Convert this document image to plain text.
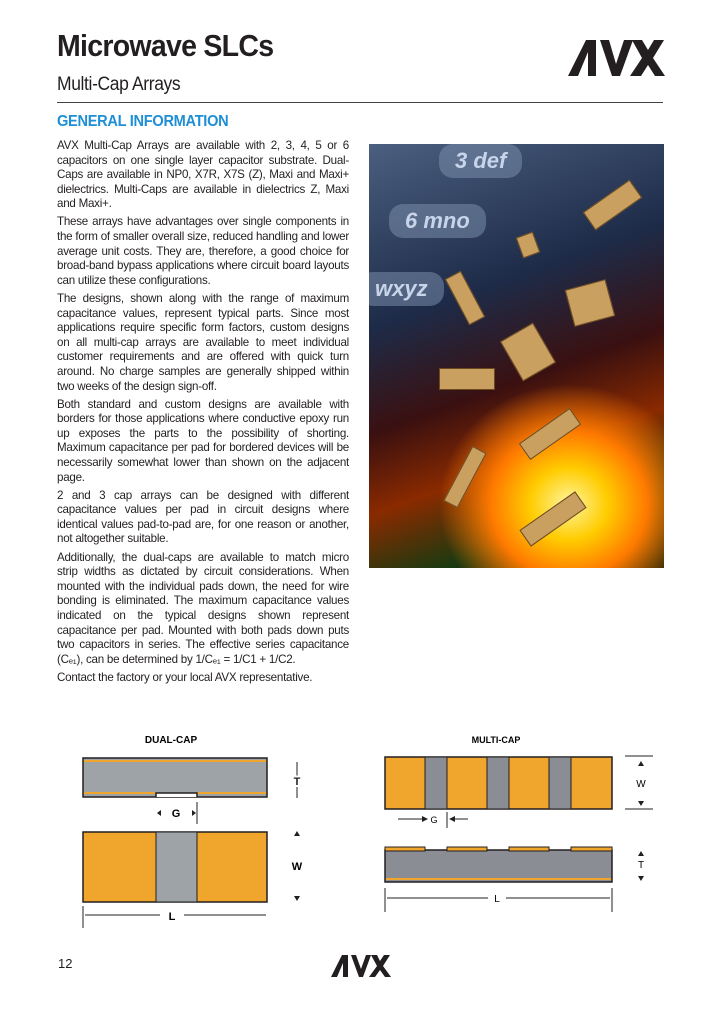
Microwave SLCs
Multi-Cap Arrays
GENERAL INFORMATION

AVX Multi-Cap Arrays are available with 2, 3, 4, 5 or 6 capacitors on one single layer capacitor substrate. Dual-Caps are available in NP0, X7R, X7S (Z), Maxi and Maxi+ dielectrics. Multi-Caps are available in dielectrics Z, Maxi and Maxi+.

These arrays have advantages over single components in the form of smaller overall size, reduced handling and lower average unit costs. They are, therefore, a good choice for broad-band bypass applications where circuit board layouts can utilize these configurations.

The designs, shown along with the range of maximum capacitance values, represent typical parts. Since most applications require specific form factors, custom designs on all multi-cap arrays are available to meet individual customer requirements and are offered with quick turn around. No charge samples are generally shipped within two weeks of the design sign-off.

Both standard and custom designs are available with borders for those applications where conductive epoxy run up exposes the parts to the possibility of shorting. Maximum capacitance per pad for bordered devices will be necessarily somewhat lower than shown on the adjacent page.

2 and 3 cap arrays can be designed with different capacitance values per pad in circuit designs where identical values pad-to-pad are, for one reason or another, not altogether suitable.

Additionally, the dual-caps are available to match micro strip widths as dictated by circuit considerations. When mounted with the individual pads down, the need for wire bonding is eliminated. The maximum capacitance values indicated on the typical designs shown represent capacitance per pad. Mounted with both pads down puts two capacitors in series. The effective series capacitance (Cₑ₁), can be determined by 1/Cₑ₁ = 1/C1 + 1/C2.

Contact the factory or your local AVX representative.

3 def
6 mno
wxyz
DUAL-CAP
T
G
W
L
MULTI-CAP
W
G
T
L
12
